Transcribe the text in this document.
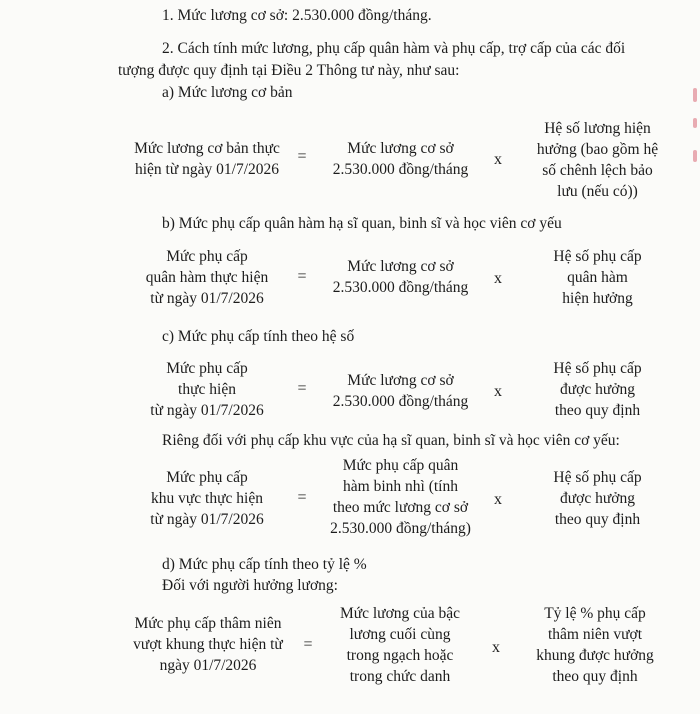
1. Mức lương cơ sở: 2.530.000 đồng/tháng.
2. Cách tính mức lương, phụ cấp quân hàm và phụ cấp, trợ cấp của các đối
tượng được quy định tại Điều 2 Thông tư này, như sau:
a) Mức lương cơ bản
Mức lương cơ bản thực
hiện từ ngày 01/7/2026
=	Mức lương cơ sở
2.530.000 đồng/tháng
x
Hệ số lương hiện
hưởng (bao gồm hệ
số chênh lệch bảo
lưu (nếu có))
b) Mức phụ cấp quân hàm hạ sĩ quan, binh sĩ và học viên cơ yếu
Mức phụ cấp
quân hàm thực hiện
từ ngày 01/7/2026
=
Mức lương cơ sở
2.530.000 đồng/tháng
x
Hệ số phụ cấp
quân hàm
hiện hưởng
c) Mức phụ cấp tính theo hệ số
Mức phụ cấp
thực hiện
từ ngày 01/7/2026
=	Mức lương cơ sở
2.530.000 đồng/tháng
x
Hệ số phụ cấp
được hưởng
theo quy định
Riêng đối với phụ cấp khu vực của hạ sĩ quan, binh sĩ và học viên cơ yếu:
Mức phụ cấp
khu vực thực hiện
từ ngày 01/7/2026
=
Mức phụ cấp quân
hàm binh nhì (tính
theo mức lương cơ sở
2.530.000 đồng/tháng)
x
Hệ số phụ cấp
được hưởng
theo quy định
d) Mức phụ cấp tính theo tỷ lệ %
Đối với người hưởng lương:
Mức phụ cấp thâm niên
vượt khung thực hiện từ
ngày 01/7/2026
=
Mức lương của bậc
lương cuối cùng
trong ngạch hoặc
trong chức danh
x
Tỷ lệ % phụ cấp
thâm niên vượt
khung được hưởng
theo quy định
